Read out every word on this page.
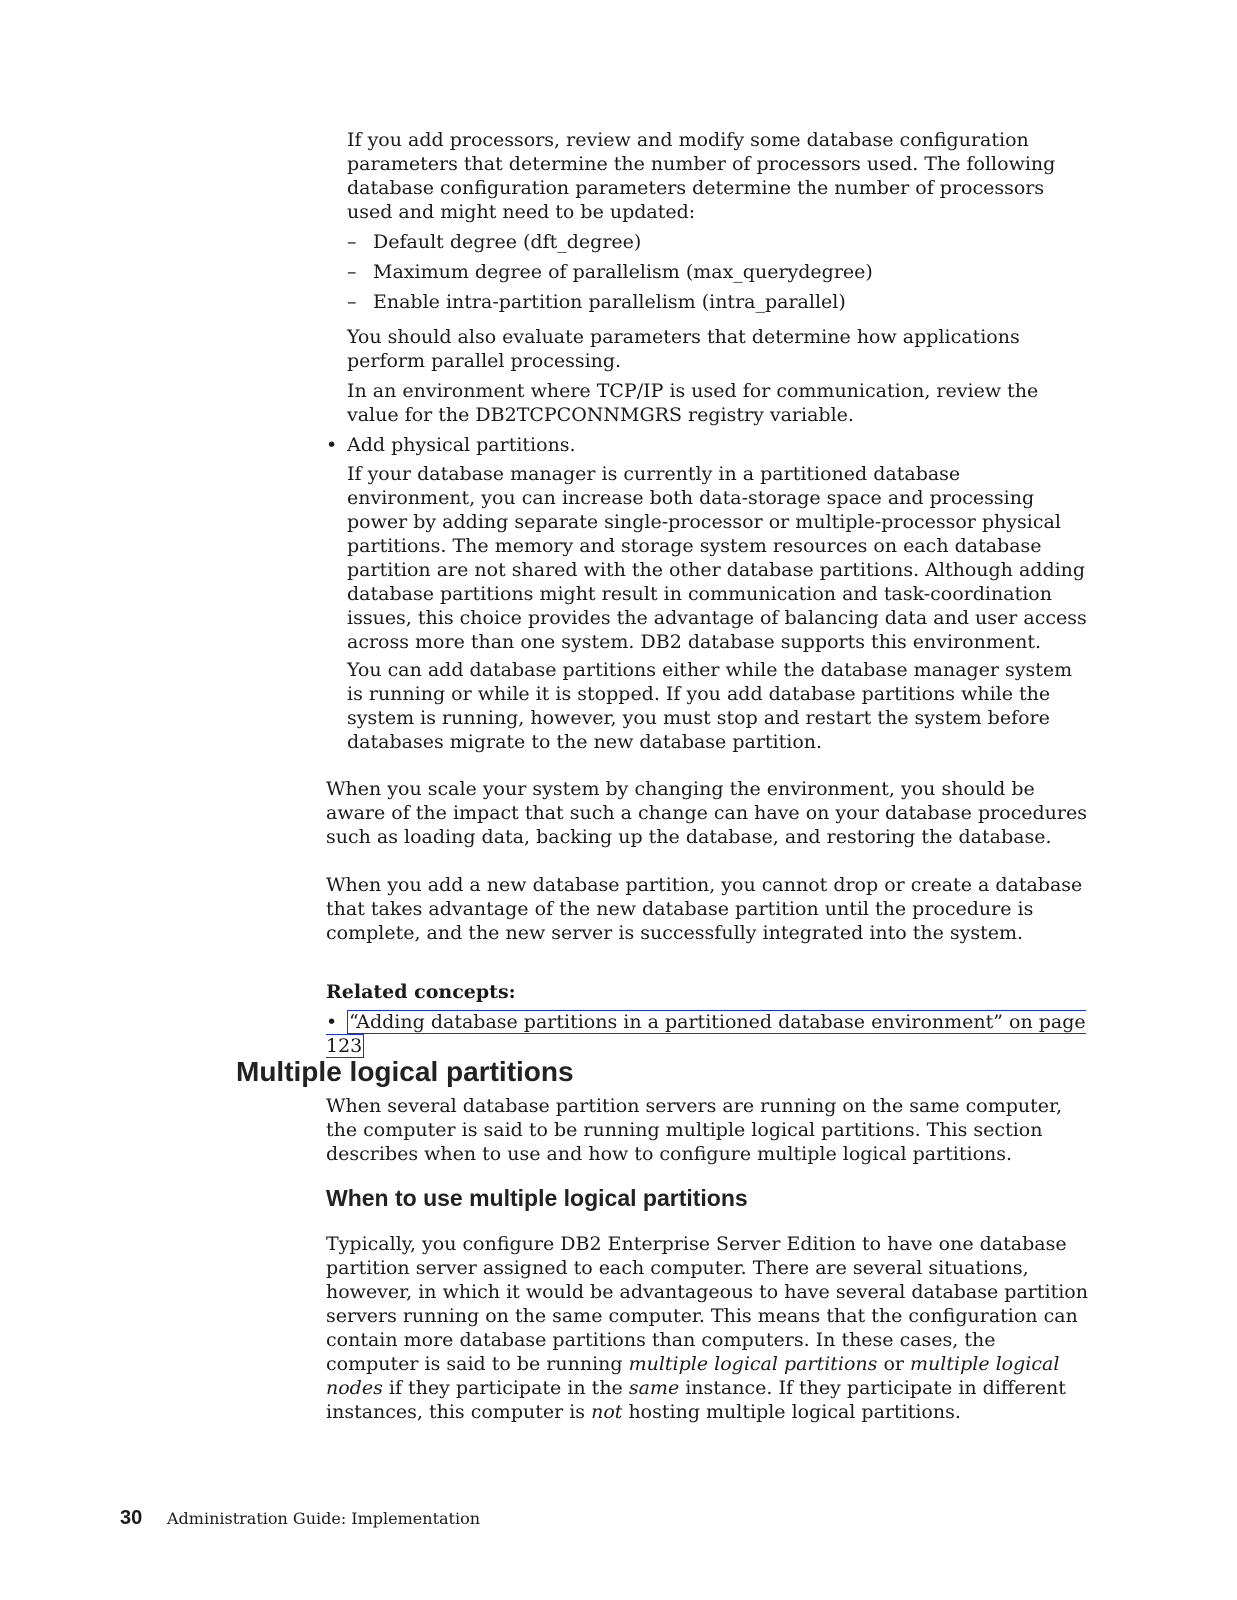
If you add processors, review and modify some database configuration parameters that determine the number of processors used. The following database configuration parameters determine the number of processors used and might need to be updated:

– Default degree (dft_degree)
– Maximum degree of parallelism (max_querydegree)
– Enable intra-partition parallelism (intra_parallel)

You should also evaluate parameters that determine how applications perform parallel processing.

In an environment where TCP/IP is used for communication, review the value for the DB2TCPCONNMGRS registry variable.

• Add physical partitions.

If your database manager is currently in a partitioned database environment, you can increase both data-storage space and processing power by adding separate single-processor or multiple-processor physical partitions. The memory and storage system resources on each database partition are not shared with the other database partitions. Although adding database partitions might result in communication and task-coordination issues, this choice provides the advantage of balancing data and user access across more than one system. DB2 database supports this environment.

You can add database partitions either while the database manager system is running or while it is stopped. If you add database partitions while the system is running, however, you must stop and restart the system before databases migrate to the new database partition.

When you scale your system by changing the environment, you should be aware of the impact that such a change can have on your database procedures such as loading data, backing up the database, and restoring the database.

When you add a new database partition, you cannot drop or create a database that takes advantage of the new database partition until the procedure is complete, and the new server is successfully integrated into the system.

Related concepts:
• “Adding database partitions in a partitioned database environment” on page 123
Multiple logical partitions

When several database partition servers are running on the same computer, the computer is said to be running multiple logical partitions. This section describes when to use and how to configure multiple logical partitions.

When to use multiple logical partitions

Typically, you configure DB2 Enterprise Server Edition to have one database partition server assigned to each computer. There are several situations, however, in which it would be advantageous to have several database partition servers running on the same computer. This means that the configuration can contain more database partitions than computers. In these cases, the computer is said to be running multiple logical partitions or multiple logical nodes if they participate in the same instance. If they participate in different instances, this computer is not hosting multiple logical partitions.

30 Administration Guide: Implementation
